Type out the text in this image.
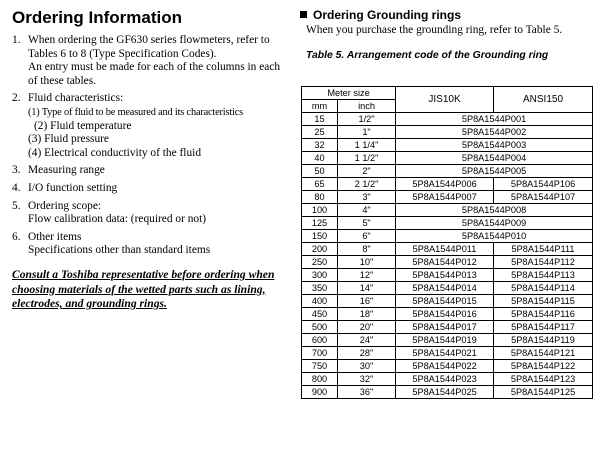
Ordering Information
1. When ordering the GF630 series flowmeters, refer to Tables 6 to 8 (Type Specification Codes).
An entry must be made for each of the columns in each of these tables.
2. Fluid characteristics:
(1) Type of fluid to be measured and its characteristics
(2) Fluid temperature
(3) Fluid pressure
(4) Electrical conductivity of the fluid
3. Measuring range
4. I/O function setting
5. Ordering scope:
Flow calibration data: (required or not)
6. Other items
Specifications other than standard items
Consult a Toshiba representative before ordering when choosing materials of the wetted parts such as lining, electrodes, and grounding rings.
Ordering Grounding rings
When you purchase the grounding ring, refer to Table 5.
Table 5. Arrangement code of the Grounding ring
Meter size		JIS10K	ANSI150
mm	inch		
15	1/2"	5P8A1544P001	
25	1"	5P8A1544P002	
32	1 1/4"	5P8A1544P003	
40	1 1/2"	5P8A1544P004	
50	2"	5P8A1544P005	
65	2 1/2"	5P8A1544P006	5P8A1544P106
80	3"	5P8A1544P007	5P8A1544P107
100	4"	5P8A1544P008	
125	5"	5P8A1544P009	
150	6"	5P8A1544P010	
200	8"	5P8A1544P011	5P8A1544P111
250	10"	5P8A1544P012	5P8A1544P112
300	12"	5P8A1544P013	5P8A1544P113
350	14"	5P8A1544P014	5P8A1544P114
400	16"	5P8A1544P015	5P8A1544P115
450	18"	5P8A1544P016	5P8A1544P116
500	20"	5P8A1544P017	5P8A1544P117
600	24"	5P8A1544P019	5P8A1544P119
700	28"	5P8A1544P021	5P8A1544P121
750	30"	5P8A1544P022	5P8A1544P122
800	32"	5P8A1544P023	5P8A1544P123
900	36"	5P8A1544P025	5P8A1544P125
